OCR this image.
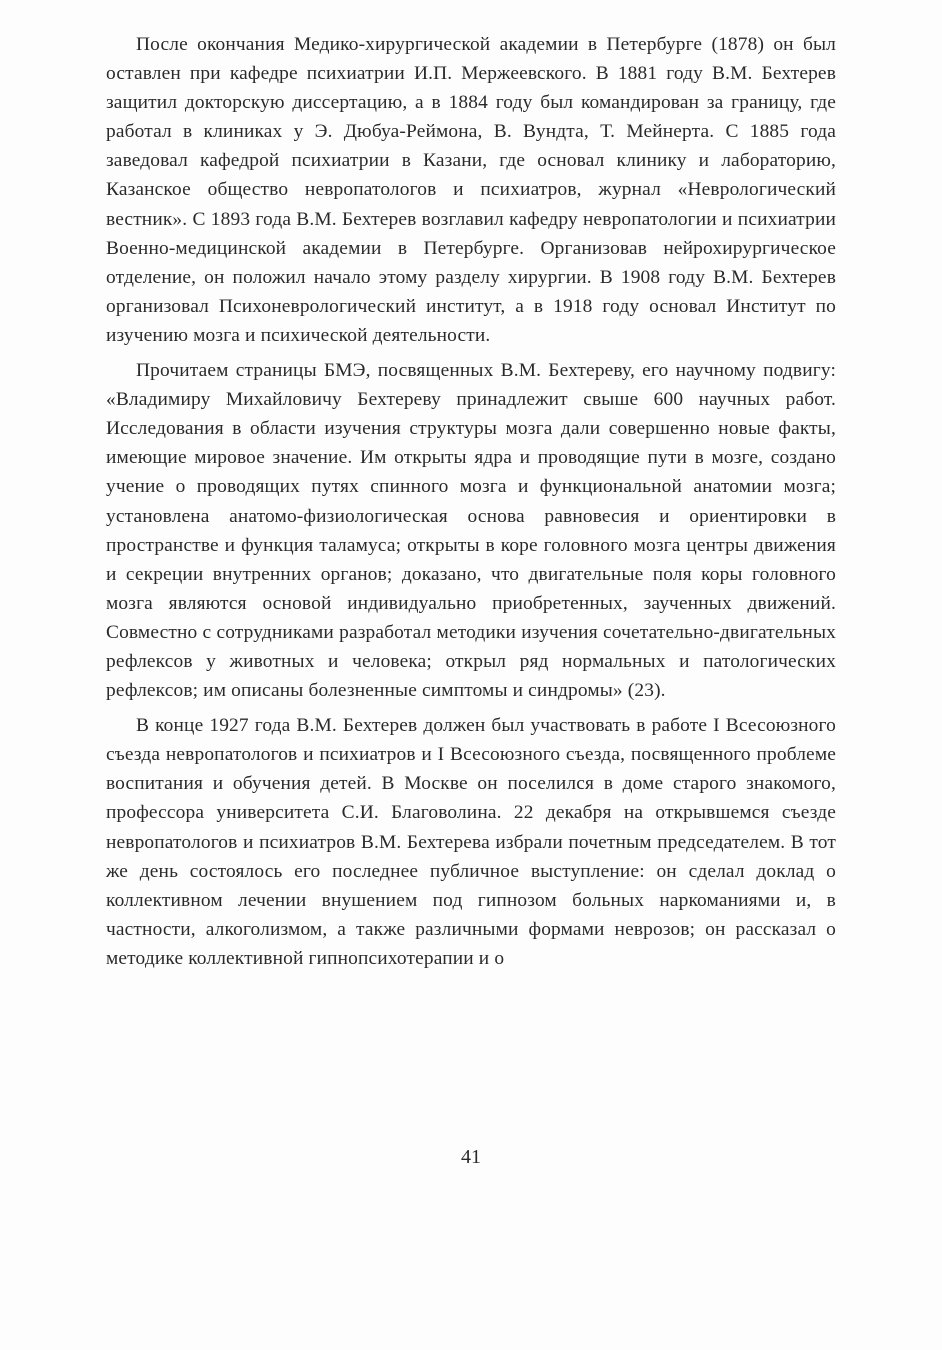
После окончания Медико-хирургической академии в Петербурге (1878) он был оставлен при кафедре психиатрии И.П. Мержеевского. В 1881 году В.М. Бехтерев защитил докторскую диссертацию, а в 1884 году был командирован за границу, где работал в клиниках у Э. Дюбуа-Реймона, В. Вундта, Т. Мейнерта. С 1885 года заведовал кафедрой психиатрии в Казани, где основал клинику и лабораторию, Казанское общество невропатологов и психиатров, журнал «Неврологический вестник». С 1893 года В.М. Бехтерев возглавил кафедру невропатологии и психиатрии Военно-медицинской академии в Петербурге. Организовав нейрохирургическое отделение, он положил начало этому разделу хирургии. В 1908 году В.М. Бехтерев организовал Психоневрологический институт, а в 1918 году основал Институт по изучению мозга и психической деятельности.

Прочитаем страницы БМЭ, посвященных В.М. Бехтереву, его научному подвигу: «Владимиру Михайловичу Бехтереву принадлежит свыше 600 научных работ. Исследования в области изучения структуры мозга дали совершенно новые факты, имеющие мировое значение. Им открыты ядра и проводящие пути в мозге, создано учение о проводящих путях спинного мозга и функциональной анатомии мозга; установлена анатомо-физиологическая основа равновесия и ориентировки в пространстве и функция таламуса; открыты в коре головного мозга центры движения и секреции внутренних органов; доказано, что двигательные поля коры головного мозга являются основой индивидуально приобретенных, заученных движений. Совместно с сотрудниками разработал методики изучения сочетательно-двигательных рефлексов у животных и человека; открыл ряд нормальных и патологических рефлексов; им описаны болезненные симптомы и синдромы» (23).

В конце 1927 года В.М. Бехтерев должен был участвовать в работе I Всесоюзного съезда невропатологов и психиатров и I Всесоюзного съезда, посвященного проблеме воспитания и обучения детей. В Москве он поселился в доме старого знакомого, профессора университета С.И. Благоволина. 22 декабря на открывшемся съезде невропатологов и психиатров В.М. Бехтерева избрали почетным председателем. В тот же день состоялось его последнее публичное выступление: он сделал доклад о коллективном лечении внушением под гипнозом больных наркоманиями и, в частности, алкоголизмом, а также различными формами неврозов; он рассказал о методике коллективной гипнопсихотерапии и о

41
